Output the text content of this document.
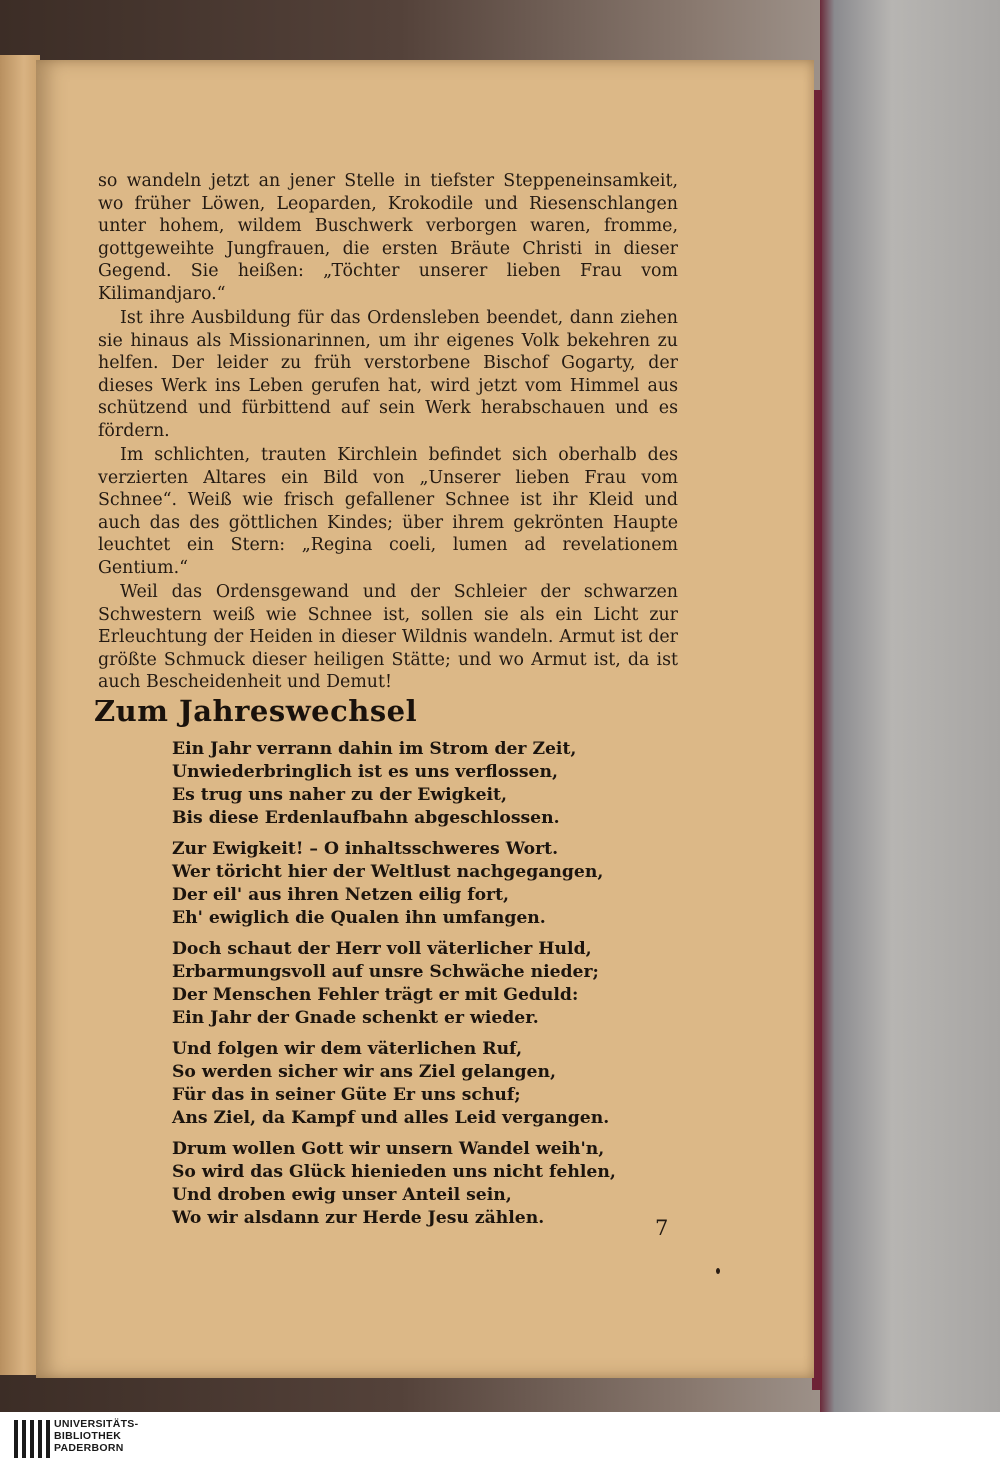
so wandeln jetzt an jener Stelle in tiefster Steppeneinsamkeit, wo früher Löwen, Leoparden, Krokodile und Riesenschlangen unter hohem, wildem Buschwerk verborgen waren, fromme, gottgeweihte Jungfrauen, die ersten Bräute Christi in dieser Gegend. Sie heißen: „Töchter unserer lieben Frau vom Kilimandjaro.“

Ist ihre Ausbildung für das Ordensleben beendet, dann ziehen sie hinaus als Missionarinnen, um ihr eigenes Volk bekehren zu helfen. Der leider zu früh verstorbene Bischof Gogarty, der dieses Werk ins Leben gerufen hat, wird jetzt vom Himmel aus schützend und fürbittend auf sein Werk herabschauen und es fördern.

Im schlichten, trauten Kirchlein befindet sich oberhalb des verzierten Altares ein Bild von „Unserer lieben Frau vom Schnee“. Weiß wie frisch gefallener Schnee ist ihr Kleid und auch das des göttlichen Kindes; über ihrem gekrönten Haupte leuchtet ein Stern: „Regina coeli, lumen ad revelationem Gentium.“

Weil das Ordensgewand und der Schleier der schwarzen Schwestern weiß wie Schnee ist, sollen sie als ein Licht zur Erleuchtung der Heiden in dieser Wildnis wandeln. Armut ist der größte Schmuck dieser heiligen Stätte; und wo Armut ist, da ist auch Bescheidenheit und Demut!

Zum Jahreswechsel
Ein Jahr verrann dahin im Strom der Zeit,
Unwiederbringlich ist es uns verflossen,
Es trug uns naher zu der Ewigkeit,
Bis diese Erdenlaufbahn abgeschlossen.
Zur Ewigkeit! – O inhaltsschweres Wort.
Wer töricht hier der Weltlust nachgegangen,
Der eil' aus ihren Netzen eilig fort,
Eh' ewiglich die Qualen ihn umfangen.
Doch schaut der Herr voll väterlicher Huld,
Erbarmungsvoll auf unsre Schwäche nieder;
Der Menschen Fehler trägt er mit Geduld:
Ein Jahr der Gnade schenkt er wieder.
Und folgen wir dem väterlichen Ruf,
So werden sicher wir ans Ziel gelangen,
Für das in seiner Güte Er uns schuf;
Ans Ziel, da Kampf und alles Leid vergangen.
Drum wollen Gott wir unsern Wandel weih'n,
So wird das Glück hienieden uns nicht fehlen,
Und droben ewig unser Anteil sein,
Wo wir alsdann zur Herde Jesu zählen.	7
UNIVERSITÄTS-
BIBLIOTHEK
PADERBORN
